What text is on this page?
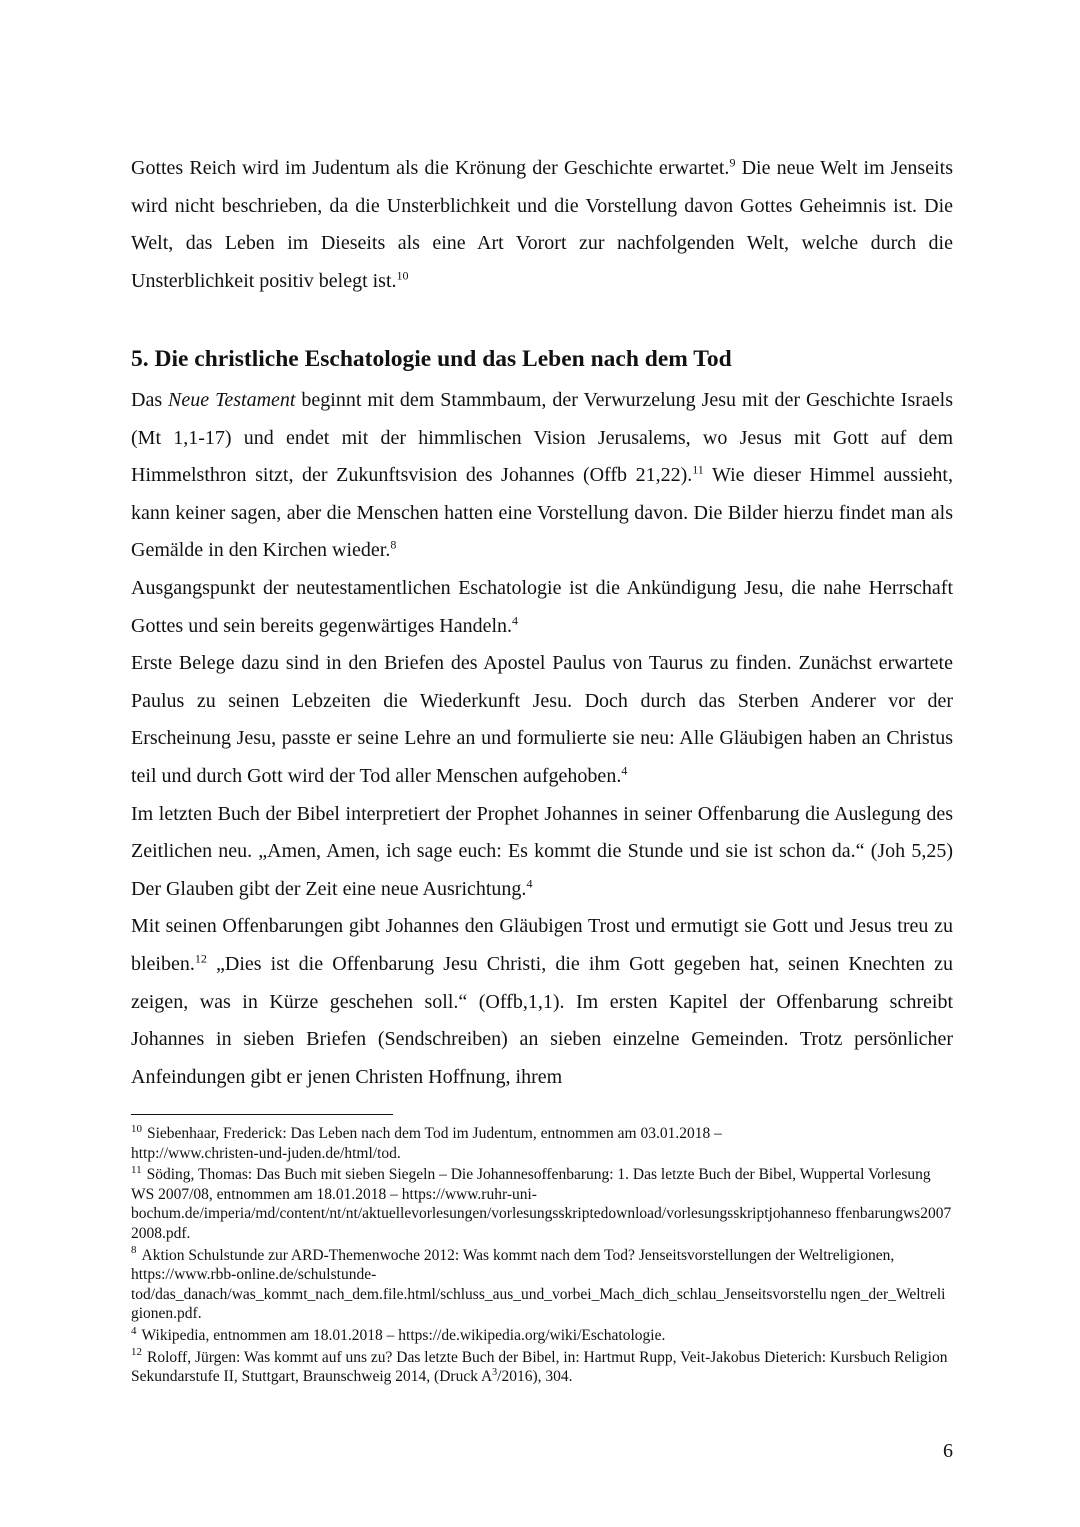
Gottes Reich wird im Judentum als die Krönung der Geschichte erwartet.$^9$ Die neue Welt im Jenseits wird nicht beschrieben, da die Unsterblichkeit und die Vorstellung davon Gottes Geheimnis ist. Die Welt, das Leben im Dieseits als eine Art Vorort zur nachfolgenden Welt, welche durch die Unsterblichkeit positiv belegt ist.$^{10}$

5. Die christliche Eschatologie und das Leben nach dem Tod

Das Neue Testament beginnt mit dem Stammbaum, der Verwurzelung Jesu mit der Geschichte Israels (Mt 1,1-17) und endet mit der himmlischen Vision Jerusalems, wo Jesus mit Gott auf dem Himmelsthron sitzt, der Zukunftsvision des Johannes (Offb 21,22).$^{11}$ Wie dieser Himmel aussieht, kann keiner sagen, aber die Menschen hatten eine Vorstellung davon. Die Bilder hierzu findet man als Gemälde in den Kirchen wieder.$^8$

Ausgangspunkt der neutestamentlichen Eschatologie ist die Ankündigung Jesu, die nahe Herrschaft Gottes und sein bereits gegenwärtiges Handeln.$^4$

Erste Belege dazu sind in den Briefen des Apostel Paulus von Taurus zu finden. Zunächst erwartete Paulus zu seinen Lebzeiten die Wiederkunft Jesu. Doch durch das Sterben Anderer vor der Erscheinung Jesu, passte er seine Lehre an und formulierte sie neu: Alle Gläubigen haben an Christus teil und durch Gott wird der Tod aller Menschen aufgehoben.$^4$

Im letzten Buch der Bibel interpretiert der Prophet Johannes in seiner Offenbarung die Auslegung des Zeitlichen neu. „Amen, Amen, ich sage euch: Es kommt die Stunde und sie ist schon da.“ (Joh 5,25) Der Glauben gibt der Zeit eine neue Ausrichtung.$^4$

Mit seinen Offenbarungen gibt Johannes den Gläubigen Trost und ermutigt sie Gott und Jesus treu zu bleiben.$^{12}$ „Dies ist die Offenbarung Jesu Christi, die ihm Gott gegeben hat, seinen Knechten zu zeigen, was in Kürze geschehen soll.“ (Offb,1,1). Im ersten Kapitel der Offenbarung schreibt Johannes in sieben Briefen (Sendschreiben) an sieben einzelne Gemeinden. Trotz persönlicher Anfeindungen gibt er jenen Christen Hoffnung, ihrem

$^{10}$ Siebenhaar, Frederick: Das Leben nach dem Tod im Judentum, entnommen am 03.01.2018 –
http://www.christen-und-juden.de/html/tod.

$^{11}$ Söding, Thomas: Das Buch mit sieben Siegeln – Die Johannesoffenbarung: 1. Das letzte Buch der Bibel, Wuppertal Vorlesung WS 2007/08, entnommen am 18.01.2018 – https://www.ruhr-uni-
bochum.de/imperia/md/content/nt/nt/aktuellevorlesungen/vorlesungsskriptedownload/vorlesungsskriptjohanneso ffenbarungws20072008.pdf.

$^8$ Aktion Schulstunde zur ARD-Themenwoche 2012: Was kommt nach dem Tod? Jenseitsvorstellungen der Weltreligionen, https://www.rbb-online.de/schulstunde-
tod/das_danach/was_kommt_nach_dem.file.html/schluss_aus_und_vorbei_Mach_dich_schlau_Jenseitsvorstellu ngen_der_Weltreligionen.pdf.

$^4$ Wikipedia, entnommen am 18.01.2018 – https://de.wikipedia.org/wiki/Eschatologie.

$^{12}$ Roloff, Jürgen: Was kommt auf uns zu? Das letzte Buch der Bibel, in: Hartmut Rupp, Veit-Jakobus Dieterich: Kursbuch Religion Sekundarstufe II, Stuttgart, Braunschweig 2014, (Druck $A^3/2016$), 304.

6
